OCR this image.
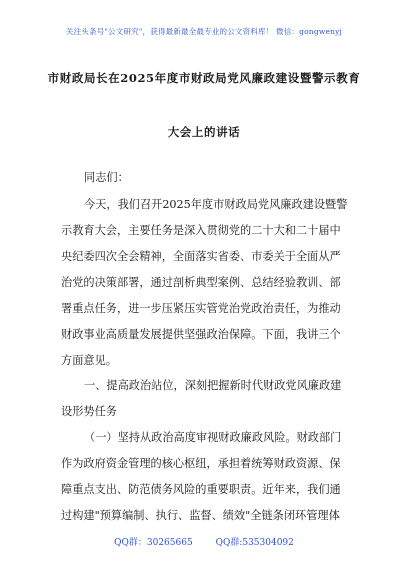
关注头条号"公文研究"，获得最新最全最专业的公文资料库！ 微信：gongwenyj
市财政局长在2025年度市财政局党风廉政建设暨警示教育
大会上的讲话
同志们：
今天，我们召开2025年度市财政局党风廉政建设暨警
示教育大会，主要任务是深入贯彻党的二十大和二十届中
央纪委四次全会精神，全面落实省委、市委关于全面从严
治党的决策部署，通过剖析典型案例、总结经验教训、部
署重点任务，进一步压紧压实管党治党政治责任，为推动
财政事业高质量发展提供坚强政治保障。下面，我讲三个
方面意见。
一、提高政治站位，深刻把握新时代财政党风廉政建
设形势任务
（一）坚持从政治高度审视财政廉政风险。财政部门
作为政府资金管理的核心枢纽，承担着统筹财政资源、保
障重点支出、防范债务风险的重要职责。近年来，我们通
过构建"预算编制、执行、监督、绩效"全链条闭环管理体
QQ群：30265665	QQ群:535304092
